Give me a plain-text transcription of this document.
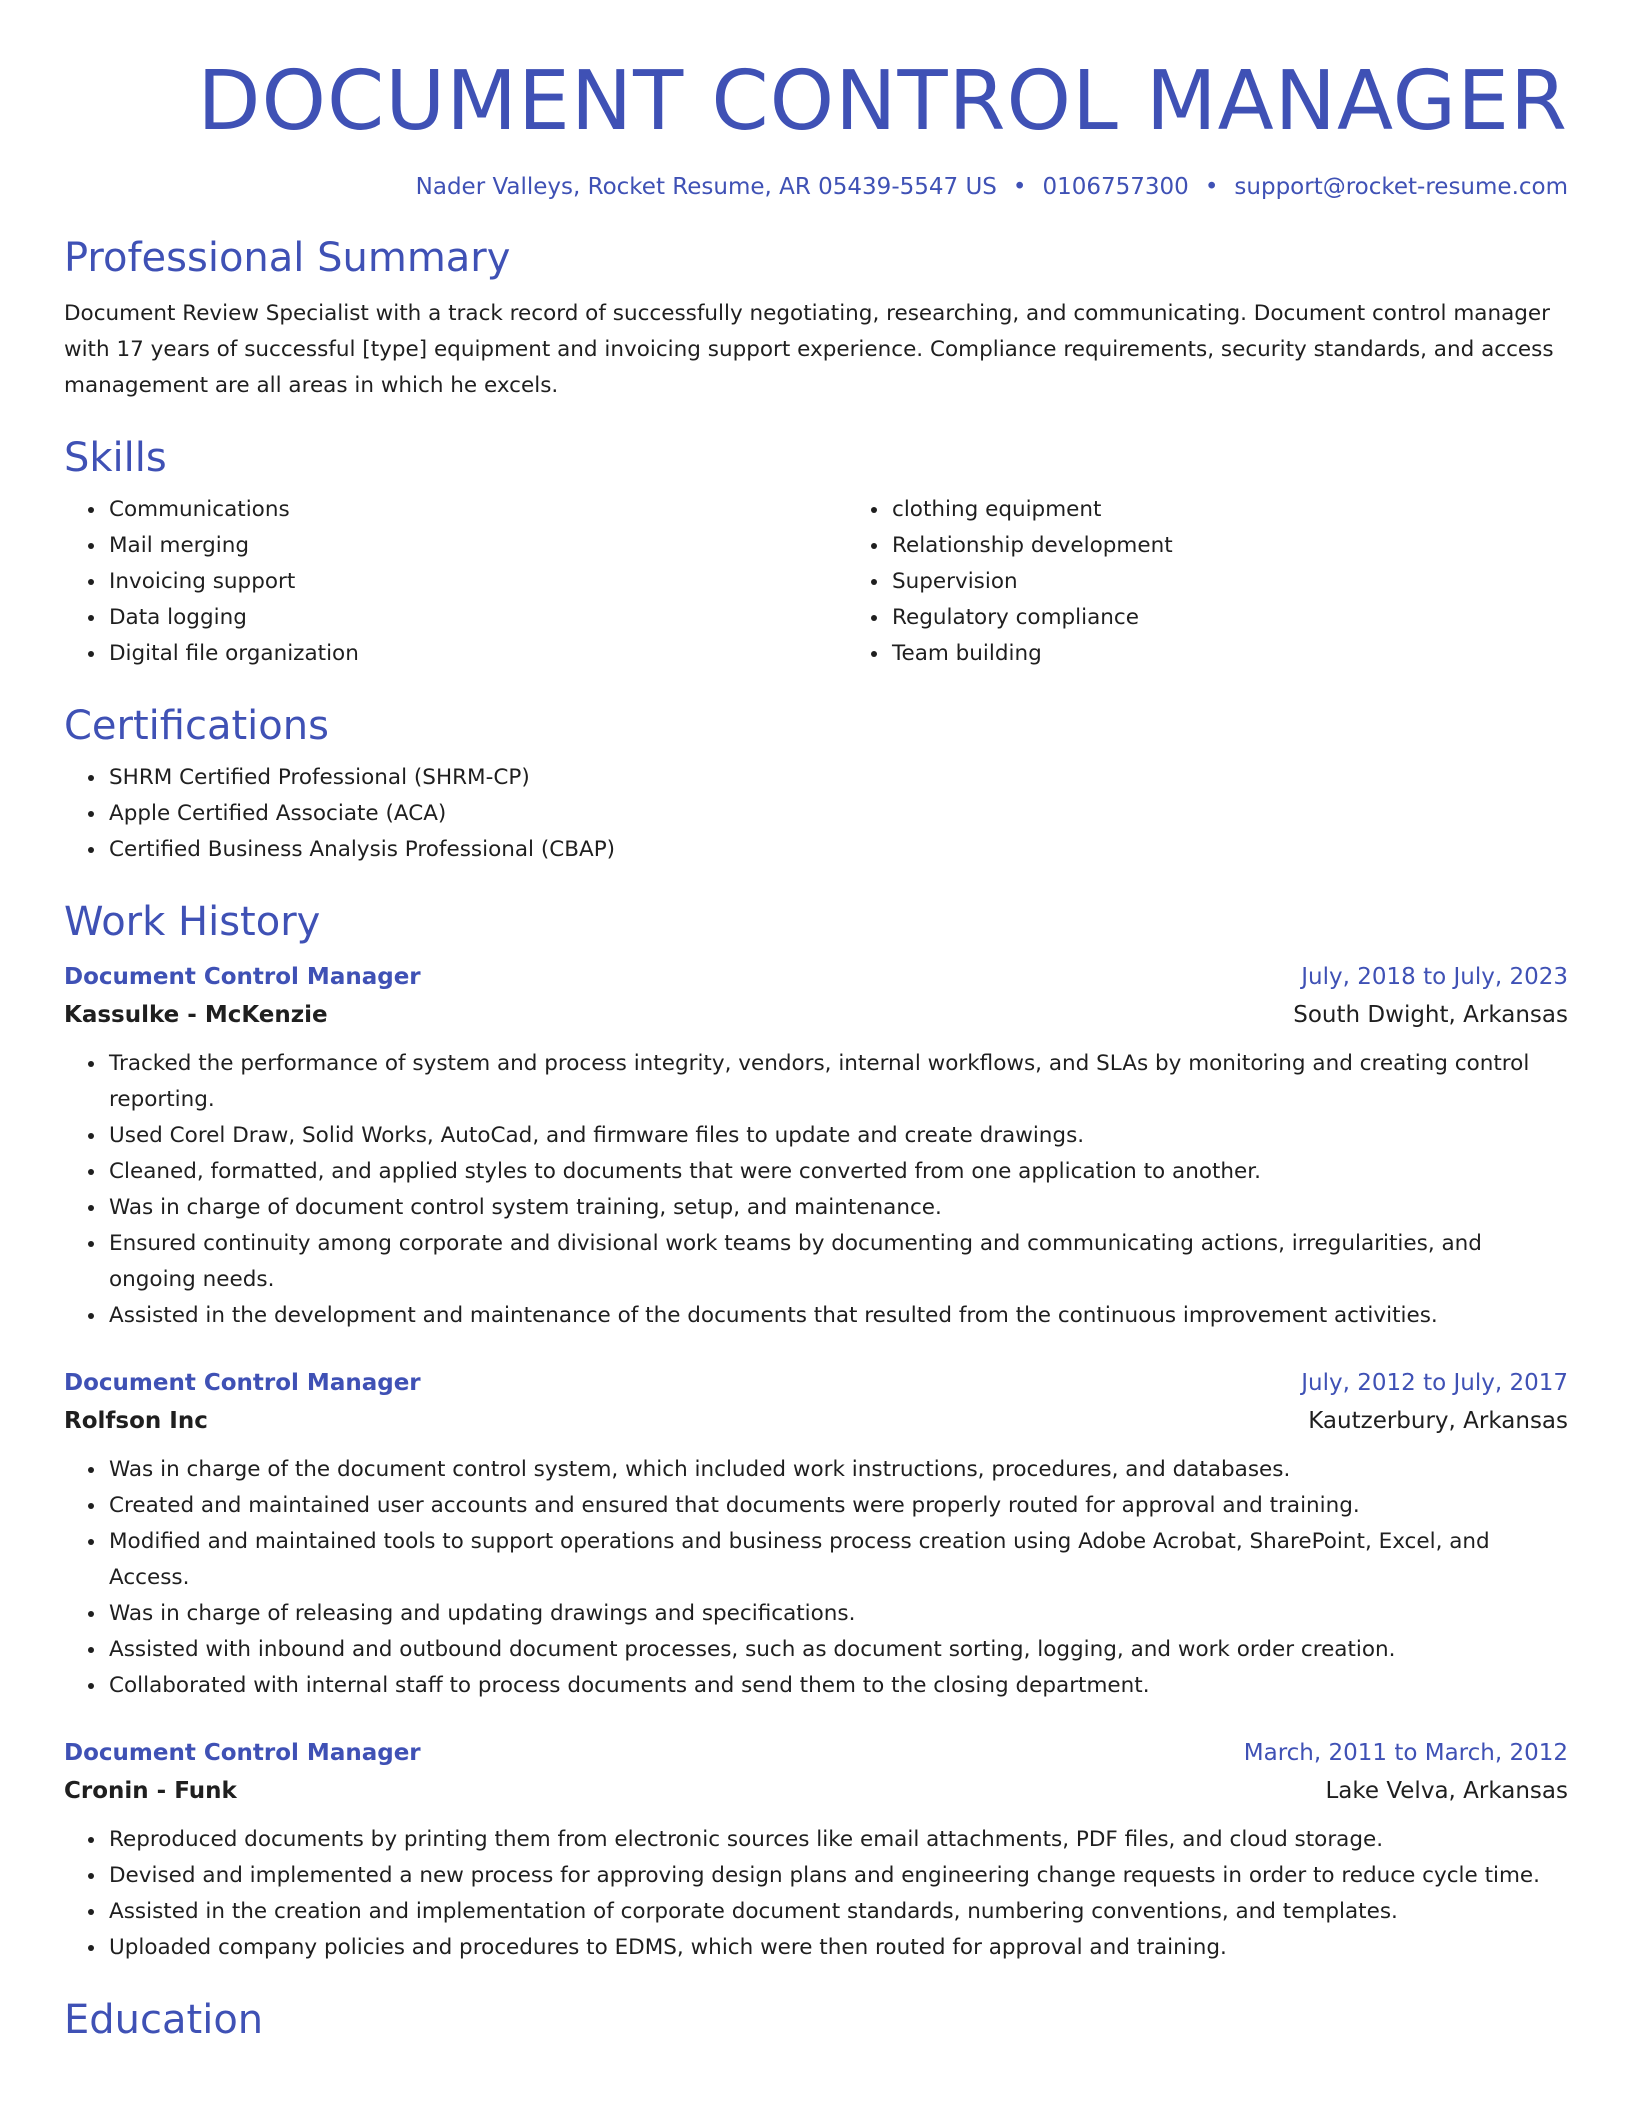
DOCUMENT CONTROL MANAGER
Nader Valleys, Rocket Resume, AR 05439-5547 US • 0106757300 • support@rocket-resume.com
Professional Summary

Document Review Specialist with a track record of successfully negotiating, researching, and communicating. Document control manager with 17 years of successful [type] equipment and invoicing support experience. Compliance requirements, security standards, and access management are all areas in which he excels.

Skills
• Communications
• Mail merging
• Invoicing support
• Data logging
• Digital file organization
• clothing equipment
• Relationship development
• Supervision
• Regulatory compliance
• Team building
Certifications
• SHRM Certified Professional (SHRM-CP)
• Apple Certified Associate (ACA)
• Certified Business Analysis Professional (CBAP)
Work History
Document Control Manager	July, 2018 to July, 2023
Kassulke - McKenzie	South Dwight, Arkansas
• Tracked the performance of system and process integrity, vendors, internal workflows, and SLAs by monitoring and creating control reporting.
• Used Corel Draw, Solid Works, AutoCad, and firmware files to update and create drawings.
• Cleaned, formatted, and applied styles to documents that were converted from one application to another.
• Was in charge of document control system training, setup, and maintenance.
• Ensured continuity among corporate and divisional work teams by documenting and communicating actions, irregularities, and ongoing needs.
• Assisted in the development and maintenance of the documents that resulted from the continuous improvement activities.
Document Control Manager	July, 2012 to July, 2017
Rolfson Inc	Kautzerbury, Arkansas
• Was in charge of the document control system, which included work instructions, procedures, and databases.
• Created and maintained user accounts and ensured that documents were properly routed for approval and training.
• Modified and maintained tools to support operations and business process creation using Adobe Acrobat, SharePoint, Excel, and Access.
• Was in charge of releasing and updating drawings and specifications.
• Assisted with inbound and outbound document processes, such as document sorting, logging, and work order creation.
• Collaborated with internal staff to process documents and send them to the closing department.
Document Control Manager	March, 2011 to March, 2012
Cronin - Funk	Lake Velva, Arkansas
• Reproduced documents by printing them from electronic sources like email attachments, PDF files, and cloud storage.
• Devised and implemented a new process for approving design plans and engineering change requests in order to reduce cycle time.
• Assisted in the creation and implementation of corporate document standards, numbering conventions, and templates.
• Uploaded company policies and procedures to EDMS, which were then routed for approval and training.
Education
